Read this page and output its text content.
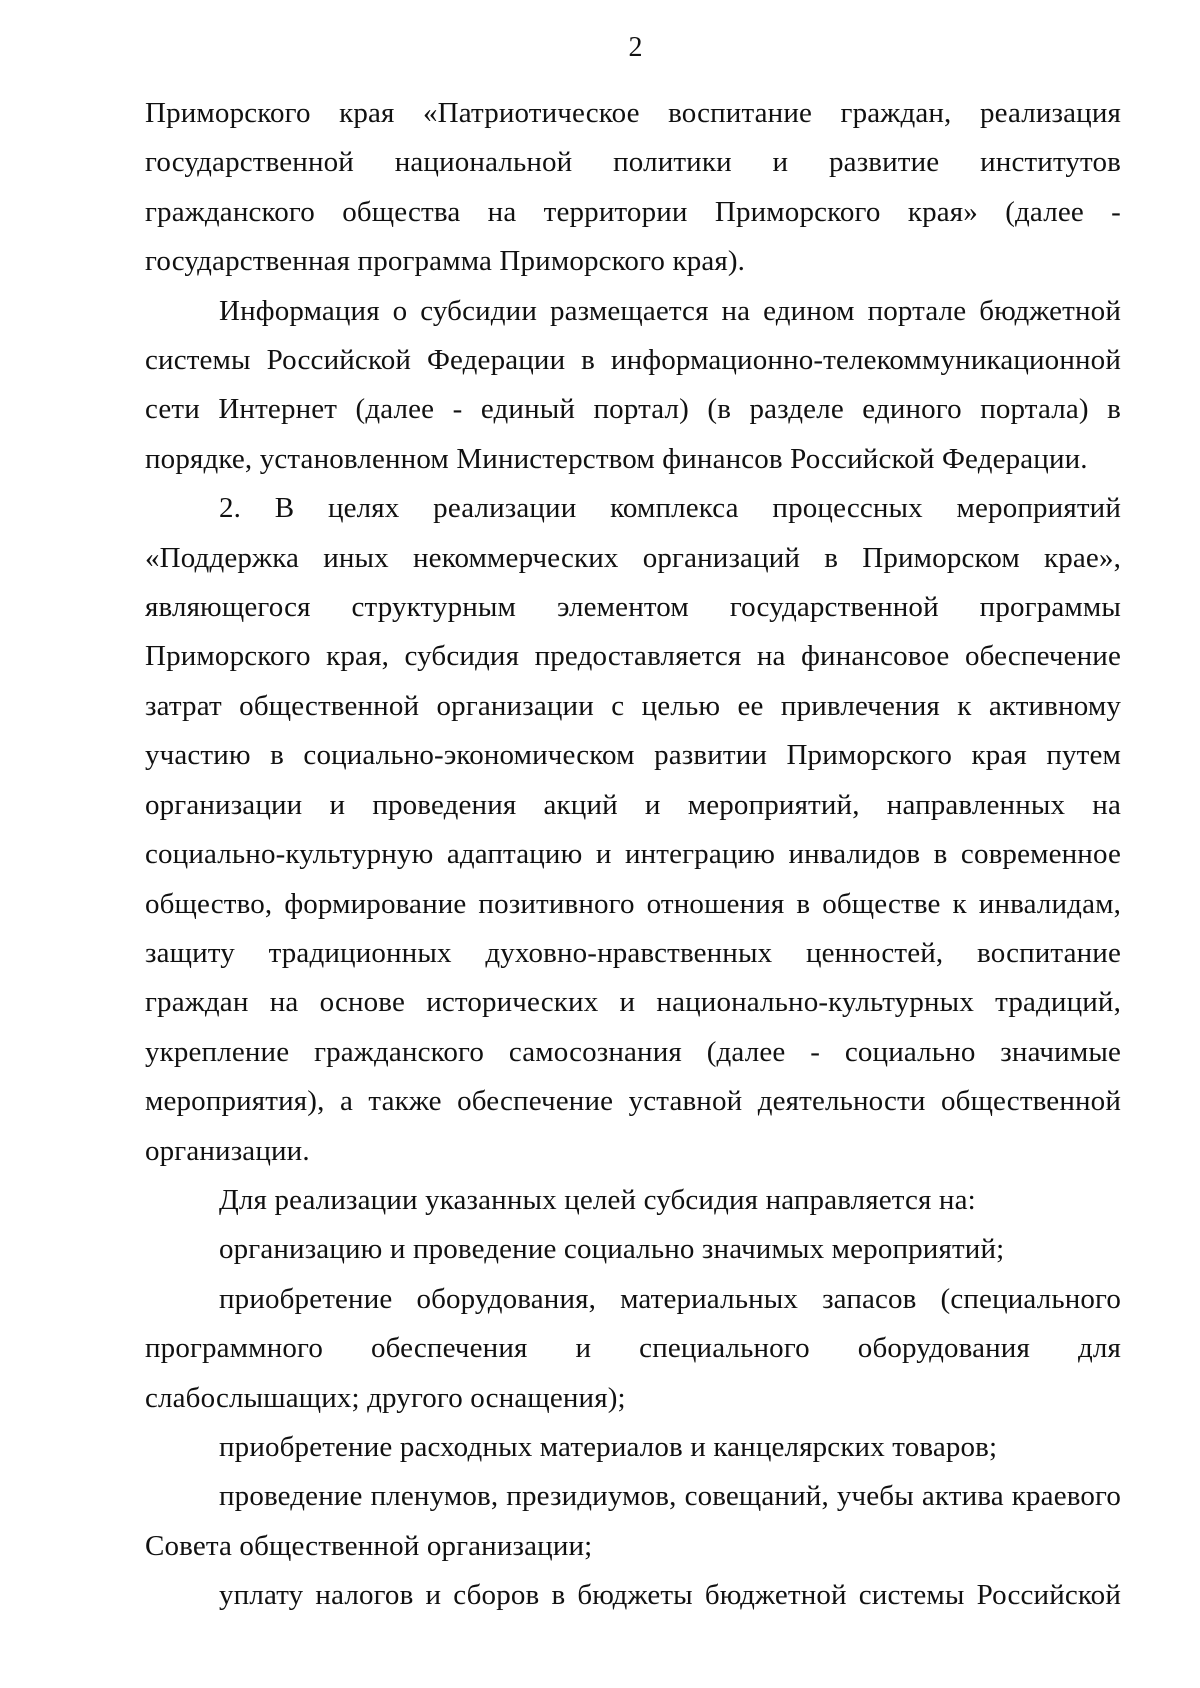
2

Приморского края «Патриотическое воспитание граждан, реализация государственной национальной политики и развитие институтов гражданского общества на территории Приморского края» (далее - государственная программа Приморского края).

Информация о субсидии размещается на едином портале бюджетной системы Российской Федерации в информационно-телекоммуникационной сети Интернет (далее - единый портал) (в разделе единого портала) в порядке, установленном Министерством финансов Российской Федерации.

2. В целях реализации комплекса процессных мероприятий «Поддержка иных некоммерческих организаций в Приморском крае», являющегося структурным элементом государственной программы Приморского края, субсидия предоставляется на финансовое обеспечение затрат общественной организации с целью ее привлечения к активному участию в социально-экономическом развитии Приморского края путем организации и проведения акций и мероприятий, направленных на социально-культурную адаптацию и интеграцию инвалидов в современное общество, формирование позитивного отношения в обществе к инвалидам, защиту традиционных духовно-нравственных ценностей, воспитание граждан на основе исторических и национально-культурных традиций, укрепление гражданского самосознания (далее - социально значимые мероприятия), а также обеспечение уставной деятельности общественной организации.

Для реализации указанных целей субсидия направляется на:

организацию и проведение социально значимых мероприятий;

приобретение оборудования, материальных запасов (специального программного обеспечения и специального оборудования для слабослышащих; другого оснащения);

приобретение расходных материалов и канцелярских товаров;

проведение пленумов, президиумов, совещаний, учебы актива краевого Совета общественной организации;

уплату налогов и сборов в бюджеты бюджетной системы Российской
